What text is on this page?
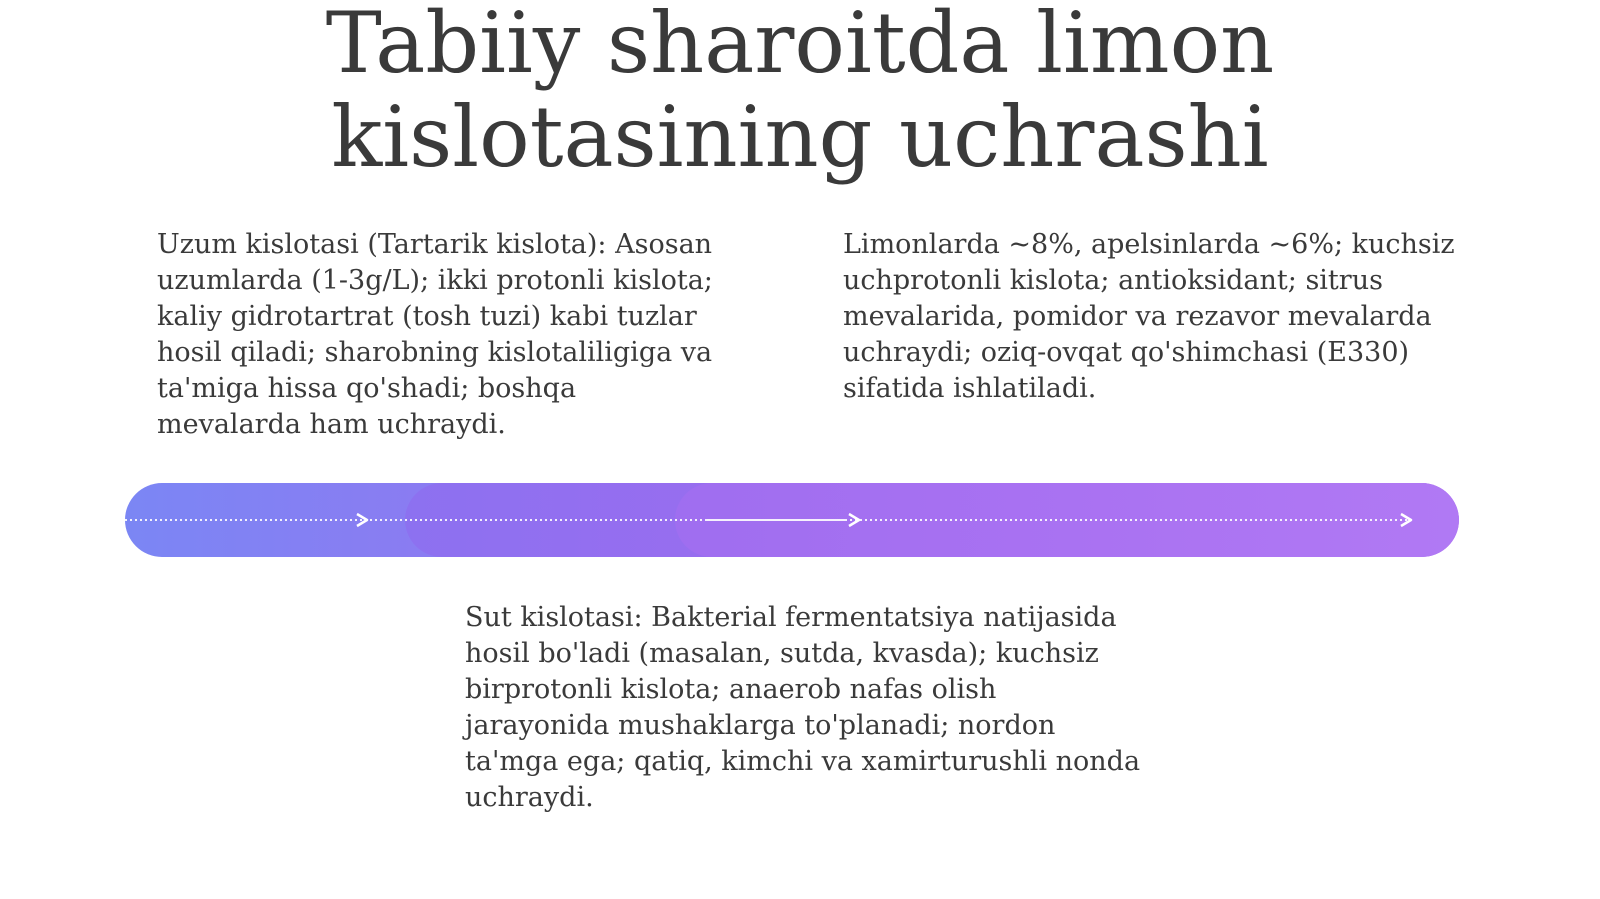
Tabiiy sharoitda limon
kislotasining uchrashi
Uzum kislotasi (Tartarik kislota): Asosan
uzumlarda (1-3g/L); ikki protonli kislota;
kaliy gidrotartrat (tosh tuzi) kabi tuzlar
hosil qiladi; sharobning kislotaliligiga va
ta'miga hissa qo'shadi; boshqa
mevalarda ham uchraydi.
Limonlarda ~8%, apelsinlarda ~6%; kuchsiz
uchprotonli kislota; antioksidant; sitrus
mevalarida, pomidor va rezavor mevalarda
uchraydi; oziq-ovqat qo'shimchasi (E330)
sifatida ishlatiladi.
Sut kislotasi: Bakterial fermentatsiya natijasida
hosil bo'ladi (masalan, sutda, kvasda); kuchsiz
birprotonli kislota; anaerob nafas olish
jarayonida mushaklarga to'planadi; nordon
ta'mga ega; qatiq, kimchi va xamirturushli nonda
uchraydi.
